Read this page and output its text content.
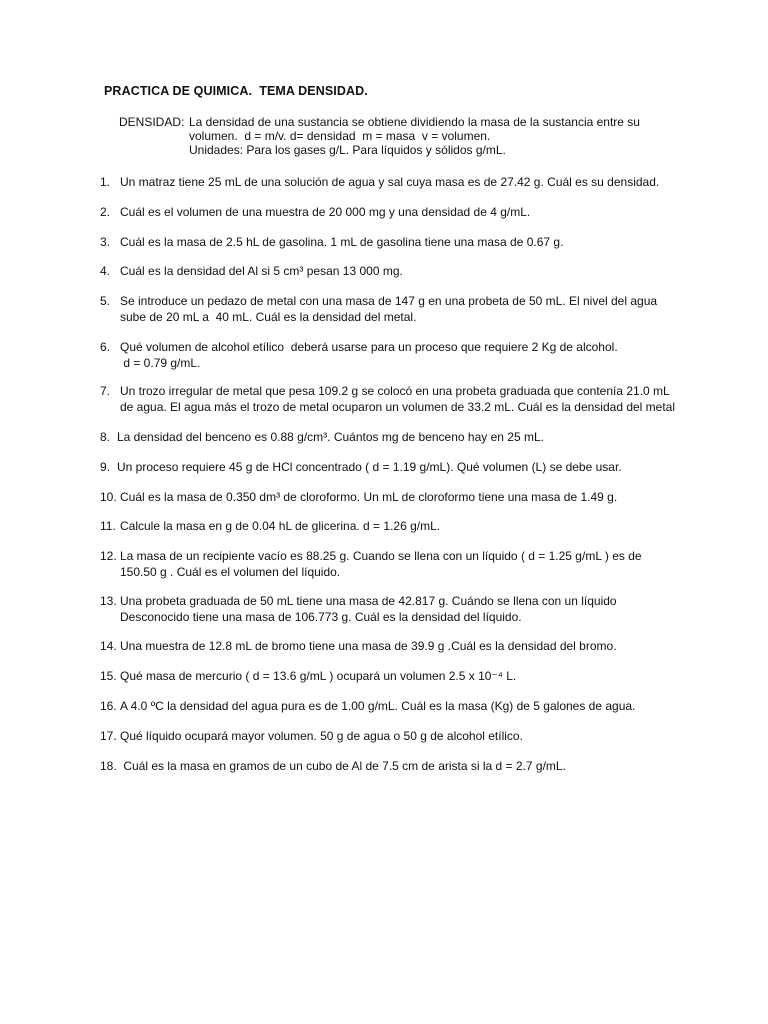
PRACTICA DE QUIMICA.  TEMA DENSIDAD.
DENSIDAD: La densidad de una sustancia se obtiene dividiendo la masa de la sustancia entre su
volumen.  d = m/v. d= densidad  m = masa  v = volumen.
Unidades: Para los gases g/L. Para líquidos y sólidos g/mL.
1. Un matraz tiene 25 mL de una solución de agua y sal cuya masa es de 27.42 g. Cuál es su densidad.
2. Cuál es el volumen de una muestra de 20 000 mg y una densidad de 4 g/mL.
3. Cuál es la masa de 2.5 hL de gasolina. 1 mL de gasolina tiene una masa de 0.67 g.
4. Cuál es la densidad del Al si 5 cm³ pesan 13 000 mg.
5. Se introduce un pedazo de metal con una masa de 147 g en una probeta de 50 mL. El nivel del agua
sube de 20 mL a  40 mL. Cuál es la densidad del metal.
6. Qué volumen de alcohol etílico  deberá usarse para un proceso que requiere 2 Kg de alcohol.
d = 0.79 g/mL.
7. Un trozo irregular de metal que pesa 109.2 g se colocó en una probeta graduada que contenía 21.0 mL
de agua. El agua más el trozo de metal ocuparon un volumen de 33.2 mL. Cuál es la densidad del metal
8. La densidad del benceno es 0.88 g/cm³. Cuántos mg de benceno hay en 25 mL.
9. Un proceso requiere 45 g de HCl concentrado ( d = 1.19 g/mL). Qué volumen (L) se debe usar.
10. Cuál es la masa de 0.350 dm³ de cloroformo. Un mL de cloroformo tiene una masa de 1.49 g.
11. Calcule la masa en g de 0.04 hL de glicerina. d = 1.26 g/mL.
12. La masa de un recipiente vacío es 88.25 g. Cuando se llena con un líquido ( d = 1.25 g/mL ) es de
150.50 g . Cuál es el volumen del líquido.
13. Una probeta graduada de 50 mL tiene una masa de 42.817 g. Cuándo se llena con un líquido
Desconocido tiene una masa de 106.773 g. Cuál es la densidad del líquido.
14. Una muestra de 12.8 mL de bromo tiene una masa de 39.9 g .Cuál es la densidad del bromo.
15. Qué masa de mercurio ( d = 13.6 g/mL ) ocupará un volumen 2.5 x 10⁻⁴ L.
16. A 4.0 ºC la densidad del agua pura es de 1.00 g/mL. Cuál es la masa (Kg) de 5 galones de agua.
17. Qué líquido ocupará mayor volumen. 50 g de agua o 50 g de alcohol etílico.
18. Cuál es la masa en gramos de un cubo de Al de 7.5 cm de arista si la d = 2.7 g/mL.
